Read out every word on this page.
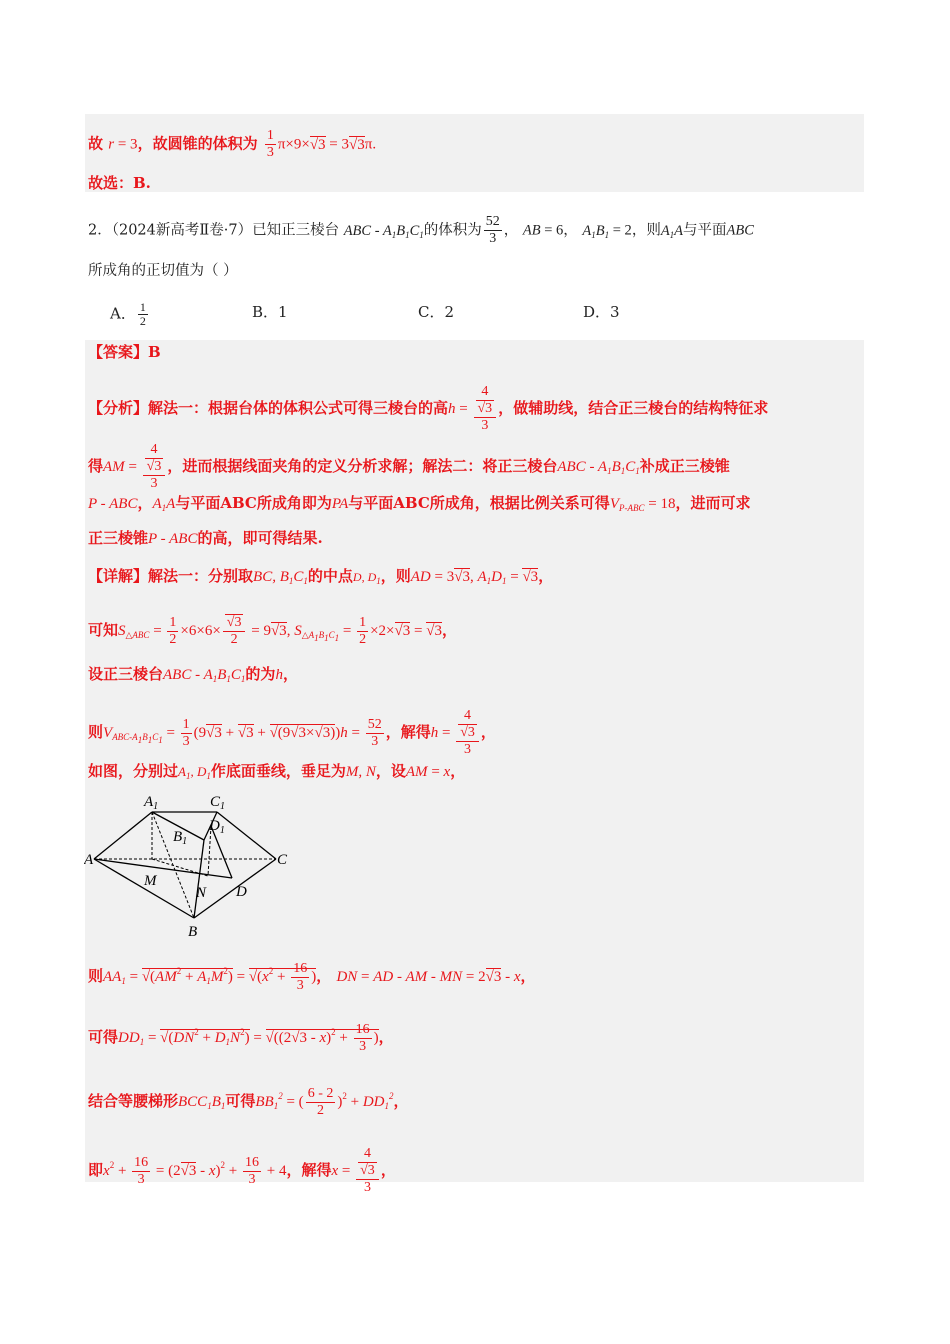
故 r = 3，故圆锥的体积为 $\frac{1}{3} \pi\times 9\times√3 = 3√3\pi$.
故选：B.
2．（2024新高考Ⅱ卷·7）已知正三棱台 ABC - $A_1B_1C_1$的体积为 $\frac{52}{3}$ ， AB = 6， $A_1B_1 = 2$，则$A_1A$与平面ABC
所成角的正切值为（ ）
A． $\frac{1}{2}$	B．1	C．2	D．3
【答案】B
【分析】解法一：根据台体的体积公式可得三棱台的高h = 4
√3
3 ，做辅助线，结合正三棱台的结构特征求
得AM = 4
√3
3 ，进而根据线面夹角的定义分析求解；解法二：将正三棱台ABC - $A_1B_1C_1$补成正三棱锥
P - ABC，$A_1A$与平面ABC所成角即为PA与平面ABC所成角，根据比例关系可得$V_{P-ABC} = 18$，进而可求
正三棱锥P - ABC的高，即可得结果.
【详解】解法一：分别取BC, $B_1C_1$的中点D, $D_1$，则AD = 3√3, $A_1D_1 = √3$，
可知$S_{\triangle ABC} = \frac{1}{2} \times 6\times 6\times \frac{√3}{2} = 9√3$, $S_{\triangle A_1B_1C_1} = \frac{1}{2} \times 2\times√3 = √3$，
设正三棱台ABC - $A_1B_1C_1$的为h，
则$V_{ABC-A_1B_1C_1} = \frac{1}{3} (9√3 + √3 + √(9√3\times√3))h = \frac{52}{3}$ ，解得h = 4
√3
3 ，
如图，分别过$A_1$, $D_1$作底面垂线，垂足为M, N，设AM = x，
A
$A_1$	$C_1$
$D_1$
$B_1$
C
M
N D
B
则$AA_1 = √(AM^2 + A_1M^2) = √(x^2 + \frac{16}{3}$ )， DN = AD - AM - MN = 2√3 - x，
可得$DD_1 = √(DN^2 + D_1N^2) = √((2√3 - x)^2 + \frac{16}{3}$ )，
结合等腰梯形$BCC_1B_1$可得$BB_1^2$ = ( $\frac{6 - 2}{2} )^2 + DD_1^2$，
即$x^2 + \frac{16}{3} = (2√3 - x)^2 + \frac{16}{3} + 4$，解得x = 4
√3
3 ，
